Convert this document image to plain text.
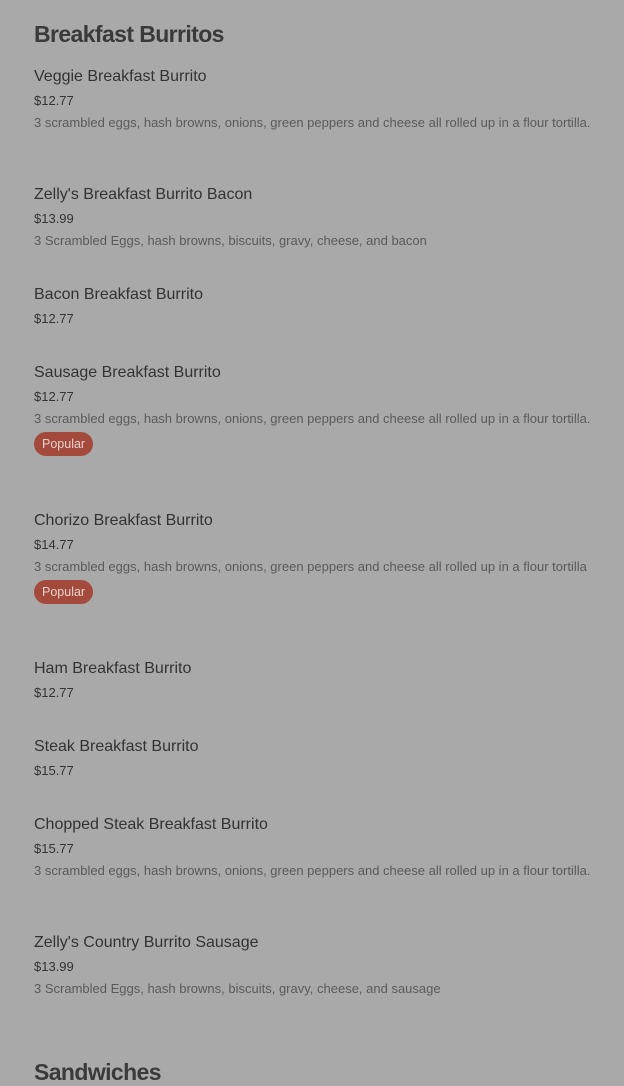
Breakfast Burritos
Veggie Breakfast Burrito
$12.77
3 scrambled eggs, hash browns, onions, green peppers and cheese all rolled up in a flour tortilla.
Zelly's Breakfast Burrito Bacon
$13.99
3 Scrambled Eggs, hash browns, biscuits, gravy, cheese, and bacon
Bacon Breakfast Burrito
$12.77
Sausage Breakfast Burrito
$12.77
3 scrambled eggs, hash browns, onions, green peppers and cheese all rolled up in a flour tortilla.
Popular
Chorizo Breakfast Burrito
$14.77
3 scrambled eggs, hash browns, onions, green peppers and cheese all rolled up in a flour tortilla
Popular
Ham Breakfast Burrito
$12.77
Steak Breakfast Burrito
$15.77
Chopped Steak Breakfast Burrito
$15.77
3 scrambled eggs, hash browns, onions, green peppers and cheese all rolled up in a flour tortilla.
Zelly's Country Burrito Sausage
$13.99
3 Scrambled Eggs, hash browns, biscuits, gravy, cheese, and sausage
Sandwiches
